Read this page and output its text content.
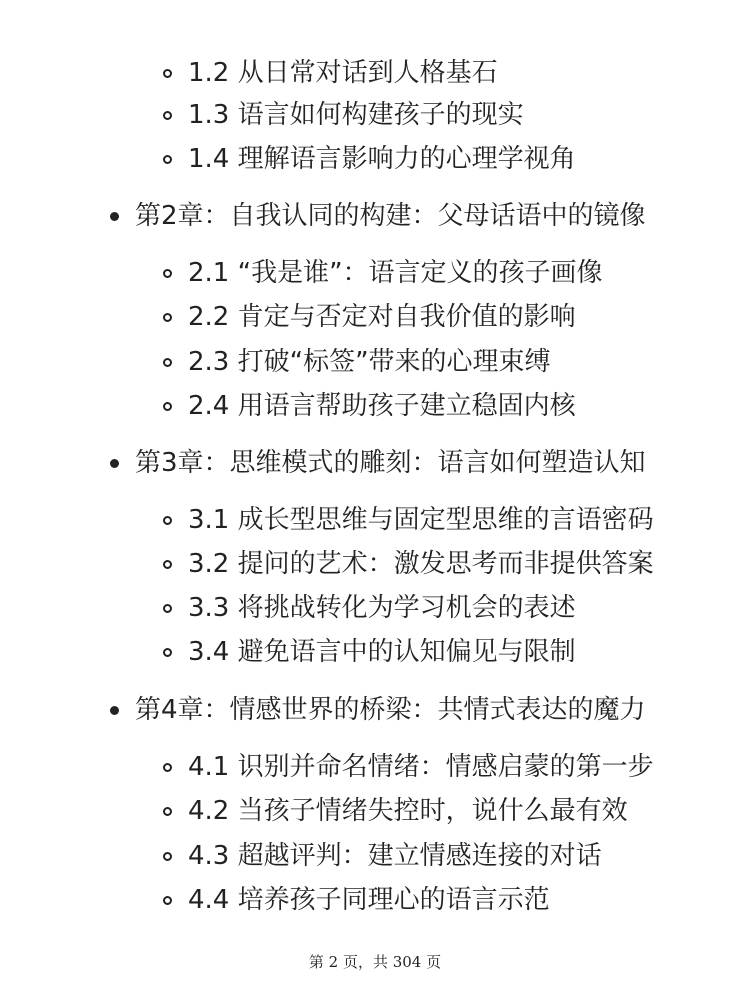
1.2 从日常对话到人格基石
1.3 语言如何构建孩子的现实
1.4 理解语言影响力的心理学视角
第2章：自我认同的构建：父母话语中的镜像
2.1 “我是谁”：语言定义的孩子画像
2.2 肯定与否定对自我价值的影响
2.3 打破“标签”带来的心理束缚
2.4 用语言帮助孩子建立稳固内核
第3章：思维模式的雕刻：语言如何塑造认知
3.1 成长型思维与固定型思维的言语密码
3.2 提问的艺术：激发思考而非提供答案
3.3 将挑战转化为学习机会的表述
3.4 避免语言中的认知偏见与限制
第4章：情感世界的桥梁：共情式表达的魔力
4.1 识别并命名情绪：情感启蒙的第一步
4.2 当孩子情绪失控时，说什么最有效
4.3 超越评判：建立情感连接的对话
4.4 培养孩子同理心的语言示范
第 2 页，共 304 页
